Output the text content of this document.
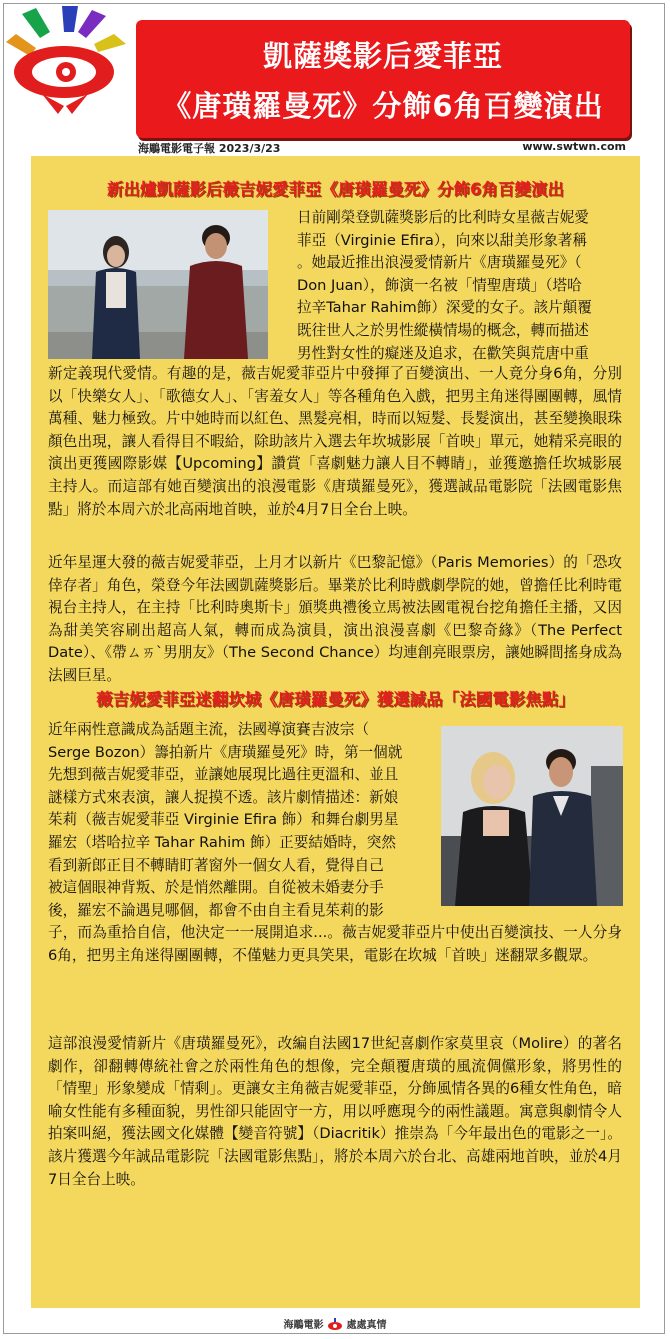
凱薩獎影后愛菲亞
《唐璜羅曼死》分飾6角百變演出
海鵰電影電子報 2023/3/23	www.swtwn.com
新出爐凱薩影后薇吉妮愛菲亞《唐璜羅曼死》分飾6角百變演出
日前剛榮登凱薩獎影后的比利時女星薇吉妮愛
菲亞（Virginie Efira），向來以甜美形象著稱
。她最近推出浪漫愛情新片《唐璜羅曼死》（
Don Juan），飾演一名被「情聖唐璜」（塔哈
拉辛Tahar Rahim飾）深愛的女子。該片顛覆
既往世人之於男性縱橫情場的概念，轉而描述
男性對女性的癡迷及追求，在歡笑與荒唐中重

新定義現代愛情。有趣的是，薇吉妮愛菲亞片中發揮了百變演出、一人竟分身6角，分別以「快樂女人」、「歌德女人」、「害羞女人」等各種角色入戲，把男主角迷得團團轉，風情萬種、魅力極致。片中她時而以紅色、黑髮亮相，時而以短髮、長髮演出，甚至變換眼珠顏色出現，讓人看得目不暇給，除助該片入選去年坎城影展「首映」單元，她精采亮眼的演出更獲國際影媒【Upcoming】讚賞「喜劇魅力讓人目不轉睛」，並獲邀擔任坎城影展主持人。而這部有她百變演出的浪漫電影《唐璜羅曼死》，獲選誠品電影院「法國電影焦點」將於本周六於北高兩地首映，並於4月7日全台上映。

近年星運大發的薇吉妮愛菲亞，上月才以新片《巴黎記憶》（Paris Memories）的「恐攻倖存者」角色，榮登今年法國凱薩獎影后。畢業於比利時戲劇學院的她，曾擔任比利時電視台主持人，在主持「比利時奧斯卡」頒獎典禮後立馬被法國電視台挖角擔任主播，又因為甜美笑容刷出超高人氣，轉而成為演員，演出浪漫喜劇《巴黎奇緣》（The Perfect Date）、《帶ㄙㄞˋ男朋友》（The Second Chance）均連創亮眼票房，讓她瞬間搖身成為法國巨星。

薇吉妮愛菲亞迷翻坎城《唐璜羅曼死》獲選誠品「法國電影焦點」
近年兩性意識成為話題主流，法國導演賽吉波宗（
Serge Bozon）籌拍新片《唐璜羅曼死》時，第一個就
先想到薇吉妮愛菲亞，並讓她展現比過往更溫和、並且
謎樣方式來表演，讓人捉摸不透。該片劇情描述：新娘
茱莉（薇吉妮愛菲亞 Virginie Efira 飾）和舞台劇男星
羅宏（塔哈拉辛 Tahar Rahim 飾）正要結婚時，突然
看到新郎正目不轉睛盯著窗外一個女人看，覺得自己
被這個眼神背叛、於是悄然離開。自從被未婚妻分手
後，羅宏不論遇見哪個，都會不由自主看見茱莉的影

子，而為重拾自信，他決定一一展開追求...。薇吉妮愛菲亞片中使出百變演技、一人分身6角，把男主角迷得團團轉，不僅魅力更具笑果，電影在坎城「首映」迷翻眾多觀眾。

這部浪漫愛情新片《唐璜羅曼死》，改編自法國17世紀喜劇作家莫里哀（Molire）的著名劇作，卻翻轉傳統社會之於兩性角色的想像，完全顛覆唐璜的風流倜儻形象，將男性的「情聖」形象變成「情剩」。更讓女主角薇吉妮愛菲亞，分飾風情各異的6種女性角色，暗喻女性能有多種面貌，男性卻只能固守一方，用以呼應現今的兩性議題。寓意與劇情令人拍案叫絕，獲法國文化媒體【變音符號】（Diacritik）推崇為「今年最出色的電影之一」。該片獲選今年誠品電影院「法國電影焦點」，將於本周六於台北、高雄兩地首映，並於4月7日全台上映。

海鵰電影 處處真情
